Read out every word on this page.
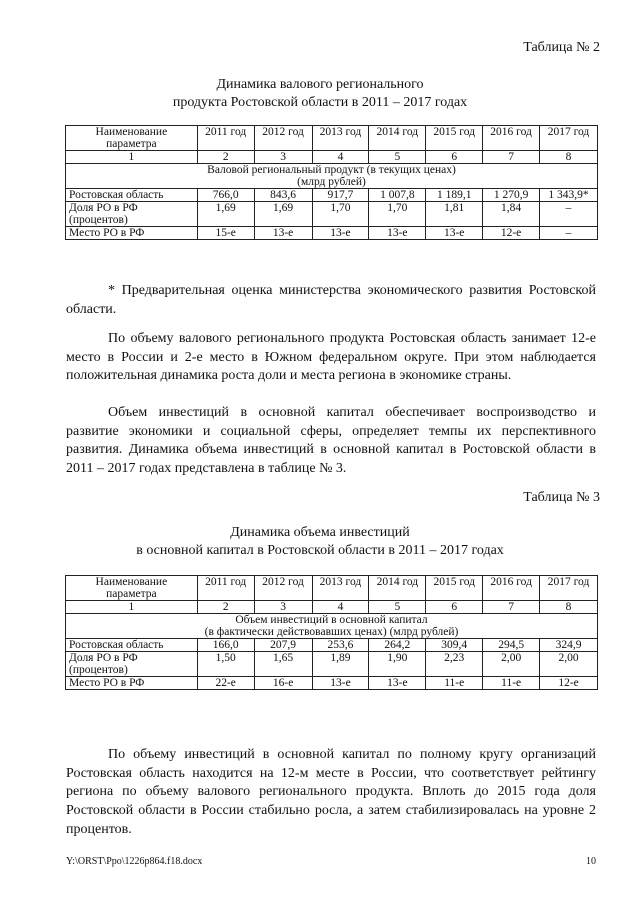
Таблица № 2
Динамика валового регионального
продукта Ростовской области в 2011 – 2017 годах
Наименование параметра	2011 год	2012 год	2013 год	2014 год	2015 год	2016 год	2017 год
1	2	3	4	5	6	7	8

Валовой региональный продукт (в текущих ценах)
(млрд рублей)							

Ростовская область	766,0	843,6	917,7	1 007,8	1 189,1	1 270,9	1 343,9*
Доля РО в РФ (процентов)	1,69	1,69	1,70	1,70	1,81	1,84	–
Место РО в РФ	15-е	13-е	13-е	13-е	13-е	12-е	–
* Предварительная оценка министерства экономического развития Ростовской области.
По объему валового регионального продукта Ростовская область занимает 12-е место в России и 2-е место в Южном федеральном округе. При этом наблюдается положительная динамика роста доли и места региона в экономике страны.
Объем инвестиций в основной капитал обеспечивает воспроизводство и развитие экономики и социальной сферы, определяет темпы их перспективного развития. Динамика объема инвестиций в основной капитал в Ростовской области в 2011 – 2017 годах представлена в таблице № 3.
Таблица № 3
Динамика объема инвестиций
в основной капитал в Ростовской области в 2011 – 2017 годах
Наименование параметра	2011 год	2012 год	2013 год	2014 год	2015 год	2016 год	2017 год
1	2	3	4	5	6	7	8

Объем инвестиций в основной капитал
(в фактически действовавших ценах) (млрд рублей)							

Ростовская область	166,0	207,9	253,6	264,2	309,4	294,5	324,9
Доля РО в РФ (процентов)	1,50	1,65	1,89	1,90	2,23	2,00	2,00
Место РО в РФ	22-е	16-е	13-е	13-е	11-е	11-е	12-е
По объему инвестиций в основной капитал по полному кругу организаций Ростовская область находится на 12-м месте в России, что соответствует рейтингу региона по объему валового регионального продукта. Вплоть до 2015 года доля Ростовской области в России стабильно росла, а затем стабилизировалась на уровне 2 процентов.
Y:\ORST\Ppo\1226p864.f18.docx	10
